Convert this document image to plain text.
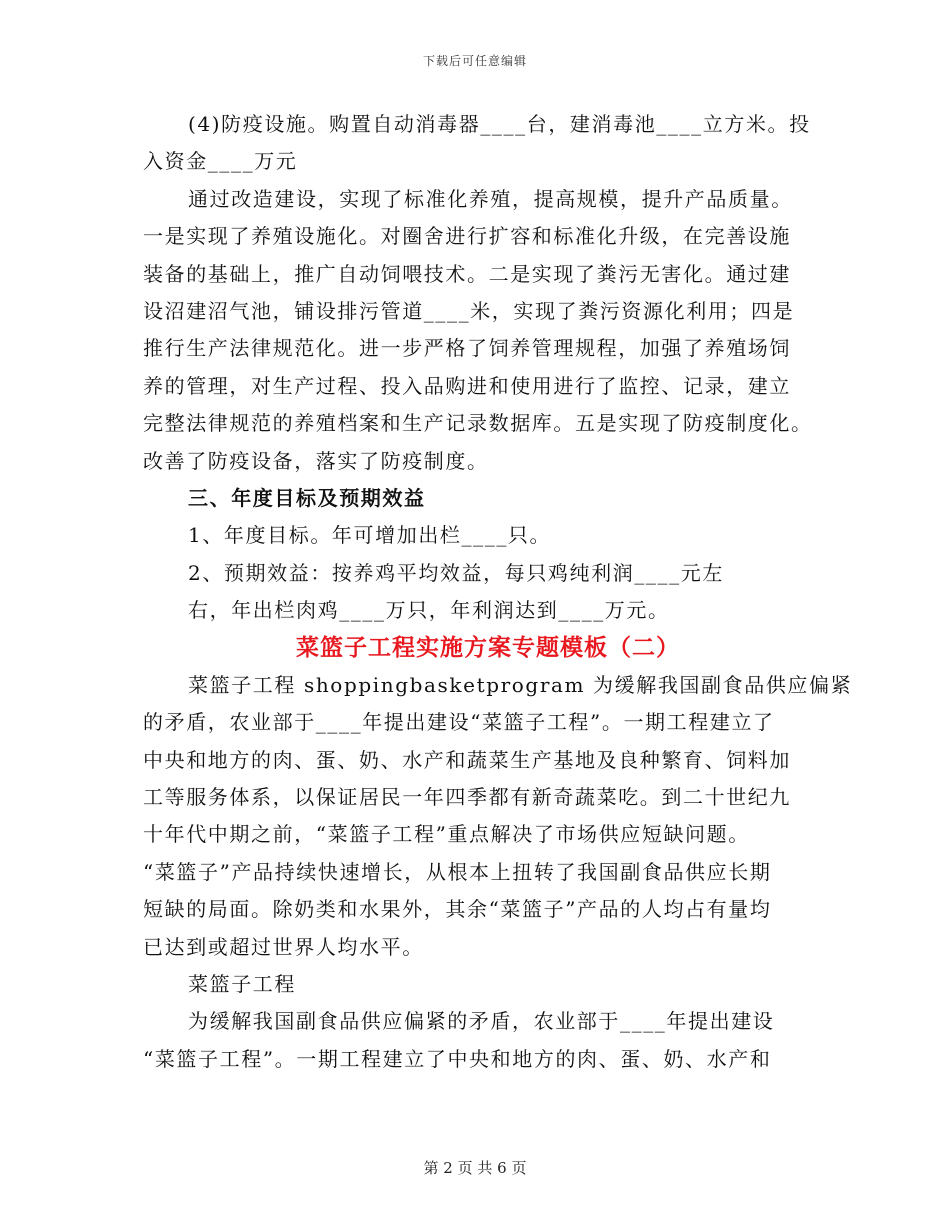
下载后可任意编辑
(4)防疫设施。购置自动消毒器____台，建消毒池____立方米。投
入资金____万元
通过改造建设，实现了标准化养殖，提高规模，提升产品质量。
一是实现了养殖设施化。对圈舍进行扩容和标准化升级，在完善设施
装备的基础上，推广自动饲喂技术。二是实现了粪污无害化。通过建
设沼建沼气池，铺设排污管道____米，实现了粪污资源化利用；四是
推行生产法律规范化。进一步严格了饲养管理规程，加强了养殖场饲
养的管理，对生产过程、投入品购进和使用进行了监控、记录，建立
完整法律规范的养殖档案和生产记录数据库。五是实现了防疫制度化。
改善了防疫设备，落实了防疫制度。
三、年度目标及预期效益
1、年度目标。年可增加出栏____只。
2、预期效益：按养鸡平均效益，每只鸡纯利润____元左
右，年出栏肉鸡____万只，年利润达到____万元。
菜篮子工程实施方案专题模板（二）
菜篮子工程 shoppingbasketprogram 为缓解我国副食品供应偏紧
的矛盾，农业部于____年提出建设“菜篮子工程”。一期工程建立了
中央和地方的肉、蛋、奶、水产和蔬菜生产基地及良种繁育、饲料加
工等服务体系，以保证居民一年四季都有新奇蔬菜吃。到二十世纪九
十年代中期之前，“菜篮子工程”重点解决了市场供应短缺问题。
“菜篮子”产品持续快速增长，从根本上扭转了我国副食品供应长期
短缺的局面。除奶类和水果外，其余“菜篮子”产品的人均占有量均
已达到或超过世界人均水平。
菜篮子工程
为缓解我国副食品供应偏紧的矛盾，农业部于____年提出建设
“菜篮子工程”。一期工程建立了中央和地方的肉、蛋、奶、水产和
第 2 页 共 6 页
